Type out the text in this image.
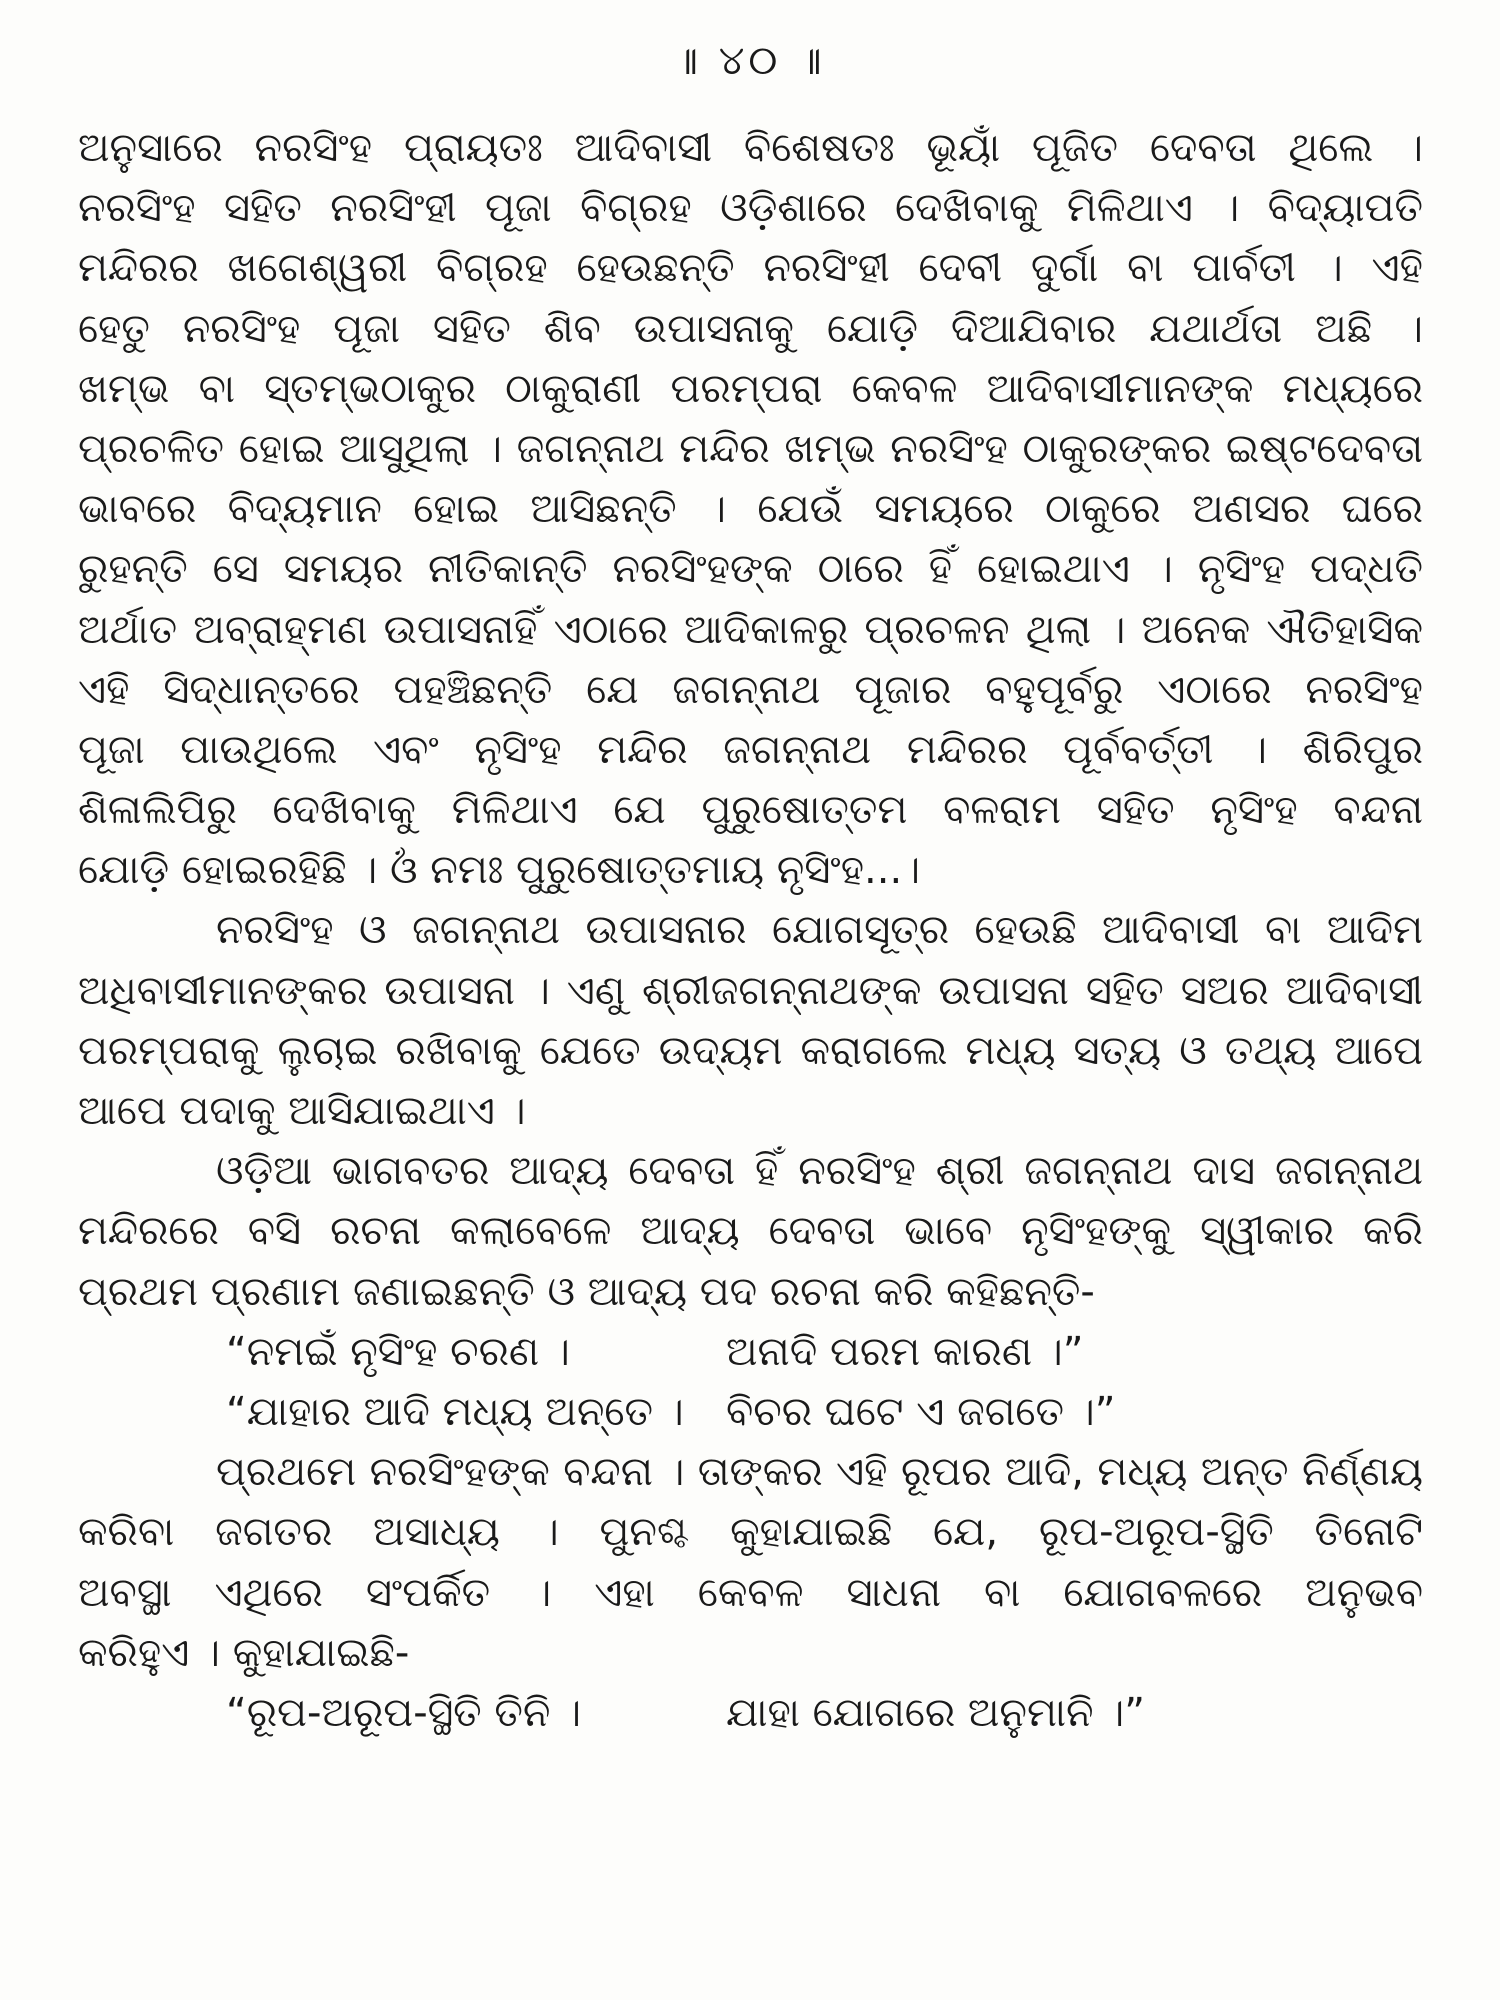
॥ ୪୦ ॥
ଅନୁସାରେ ନରସିଂହ ପ୍ରାୟତଃ ଆଦିବାସୀ ବିଶେଷତଃ ଭୂୟାଁ ପୂଜିତ ଦେବତା ଥିଲେ ।
ନରସିଂହ ସହିତ ନରସିଂହୀ ପୂଜା ବିଗ୍ରହ ଓଡ଼ିଶାରେ ଦେଖିବାକୁ ମିଳିଥାଏ । ବିଦ୍ୟାପତି
ମନ୍ଦିରର ଖଗେଶ୍ୱରୀ ବିଗ୍ରହ ହେଉଛନ୍ତି ନରସିଂହୀ ଦେବୀ ଦୁର୍ଗା ବା ପାର୍ବତୀ । ଏହି
ହେତୁ ନରସିଂହ ପୂଜା ସହିତ ଶିବ ଉପାସନାକୁ ଯୋଡ଼ି ଦିଆଯିବାର ଯଥାର୍ଥତା ଅଛି ।
ଖମ୍ଭ ବା ସ୍ତମ୍ଭଠାକୁର ଠାକୁରାଣୀ ପରମ୍ପରା କେବଳ ଆଦିବାସୀମାନଙ୍କ ମଧ୍ୟରେ
ପ୍ରଚଳିତ ହୋଇ ଆସୁଥିଲା । ଜଗନ୍ନାଥ ମନ୍ଦିର ଖମ୍ଭ ନରସିଂହ ଠାକୁରଙ୍କର ଇଷ୍ଟଦେବତା
ଭାବରେ ବିଦ୍ୟମାନ ହୋଇ ଆସିଛନ୍ତି । ଯେଉଁ ସମୟରେ ଠାକୁରେ ଅଣସର ଘରେ
ରୁହନ୍ତି ସେ ସମୟର ନୀତିକାନ୍ତି ନରସିଂହଙ୍କ ଠାରେ ହିଁ ହୋଇଥାଏ । ନୃସିଂହ ପଦ୍ଧତି
ଅର୍ଥାତ ଅବ୍ରାହ୍ମଣ ଉପାସନାହିଁ ଏଠାରେ ଆଦିକାଳରୁ ପ୍ରଚଳନ ଥିଲା । ଅନେକ ଐତିହାସିକ
ଏହି ସିଦ୍ଧାନ୍ତରେ ପହଞ୍ଚିଛନ୍ତି ଯେ ଜଗନ୍ନାଥ ପୂଜାର ବହୁପୂର୍ବରୁ ଏଠାରେ ନରସିଂହ
ପୂଜା ପାଉଥିଲେ ଏବଂ ନୃସିଂହ ମନ୍ଦିର ଜଗନ୍ନାଥ ମନ୍ଦିରର ପୂର୍ବବର୍ତ୍ତୀ । ଶିରିପୁର
ଶିଳାଲିପିରୁ ଦେଖିବାକୁ ମିଳିଥାଏ ଯେ ପୁରୁଷୋତ୍ତମ ବଳରାମ ସହିତ ନୃସିଂହ ବନ୍ଦନା
ଯୋଡ଼ି ହୋଇରହିଛି । ଓଁ ନମଃ ପୁରୁଷୋତ୍ତମାୟ ନୃସିଂହ...।
ନରସିଂହ ଓ ଜଗନ୍ନାଥ ଉପାସନାର ଯୋଗସୂତ୍ର ହେଉଛି ଆଦିବାସୀ ବା ଆଦିମ
ଅଧିବାସୀମାନଙ୍କର ଉପାସନା । ଏଣୁ ଶ୍ରୀଜଗନ୍ନାଥଙ୍କ ଉପାସନା ସହିତ ସଅର ଆଦିବାସୀ
ପରମ୍ପରାକୁ ଲୁଚାଇ ରଖିବାକୁ ଯେତେ ଉଦ୍ୟମ କରାଗଲେ ମଧ୍ୟ ସତ୍ୟ ଓ ତଥ୍ୟ ଆପେ
ଆପେ ପଦାକୁ ଆସିଯାଇଥାଏ ।
ଓଡ଼ିଆ ଭାଗବତର ଆଦ୍ୟ ଦେବତା ହିଁ ନରସିଂହ ଶ୍ରୀ ଜଗନ୍ନାଥ ଦାସ ଜଗନ୍ନାଥ
ମନ୍ଦିରରେ ବସି ରଚନା କଲାବେଳେ ଆଦ୍ୟ ଦେବତା ଭାବେ ନୃସିଂହଙ୍କୁ ସ୍ୱୀକାର କରି
ପ୍ରଥମ ପ୍ରଣାମ ଜଣାଇଛନ୍ତି ଓ ଆଦ୍ୟ ପଦ ରଚନା କରି କହିଛନ୍ତି-
“ନମଇଁ ନୃସିଂହ ଚରଣ ।	ଅନାଦି ପରମ କାରଣ ।”
“ଯାହାର ଆଦି ମଧ୍ୟ ଅନ୍ତେ । ବିଚର ଘଟେ ଏ ଜଗତେ ।”
ପ୍ରଥମେ ନରସିଂହଙ୍କ ବନ୍ଦନା । ତାଙ୍କର ଏହି ରୂପର ଆଦି, ମଧ୍ୟ ଅନ୍ତ ନିର୍ଣ୍ଣୟ
କରିବା ଜଗତର ଅସାଧ୍ୟ । ପୁନଶ୍ଚ କୁହାଯାଇଛି ଯେ, ରୂପ-ଅରୂପ-ସ୍ଥିତି ତିନୋଟି
ଅବସ୍ଥା ଏଥିରେ ସଂପର୍କିତ । ଏହା କେବଳ ସାଧନା ବା ଯୋଗବଳରେ ଅନୁଭବ
କରିହୁଏ । କୁହାଯାଇଛି-
“ରୂପ-ଅରୂପ-ସ୍ଥିତି ତିନି ।	ଯାହା ଯୋଗରେ ଅନୁମାନି ।”
